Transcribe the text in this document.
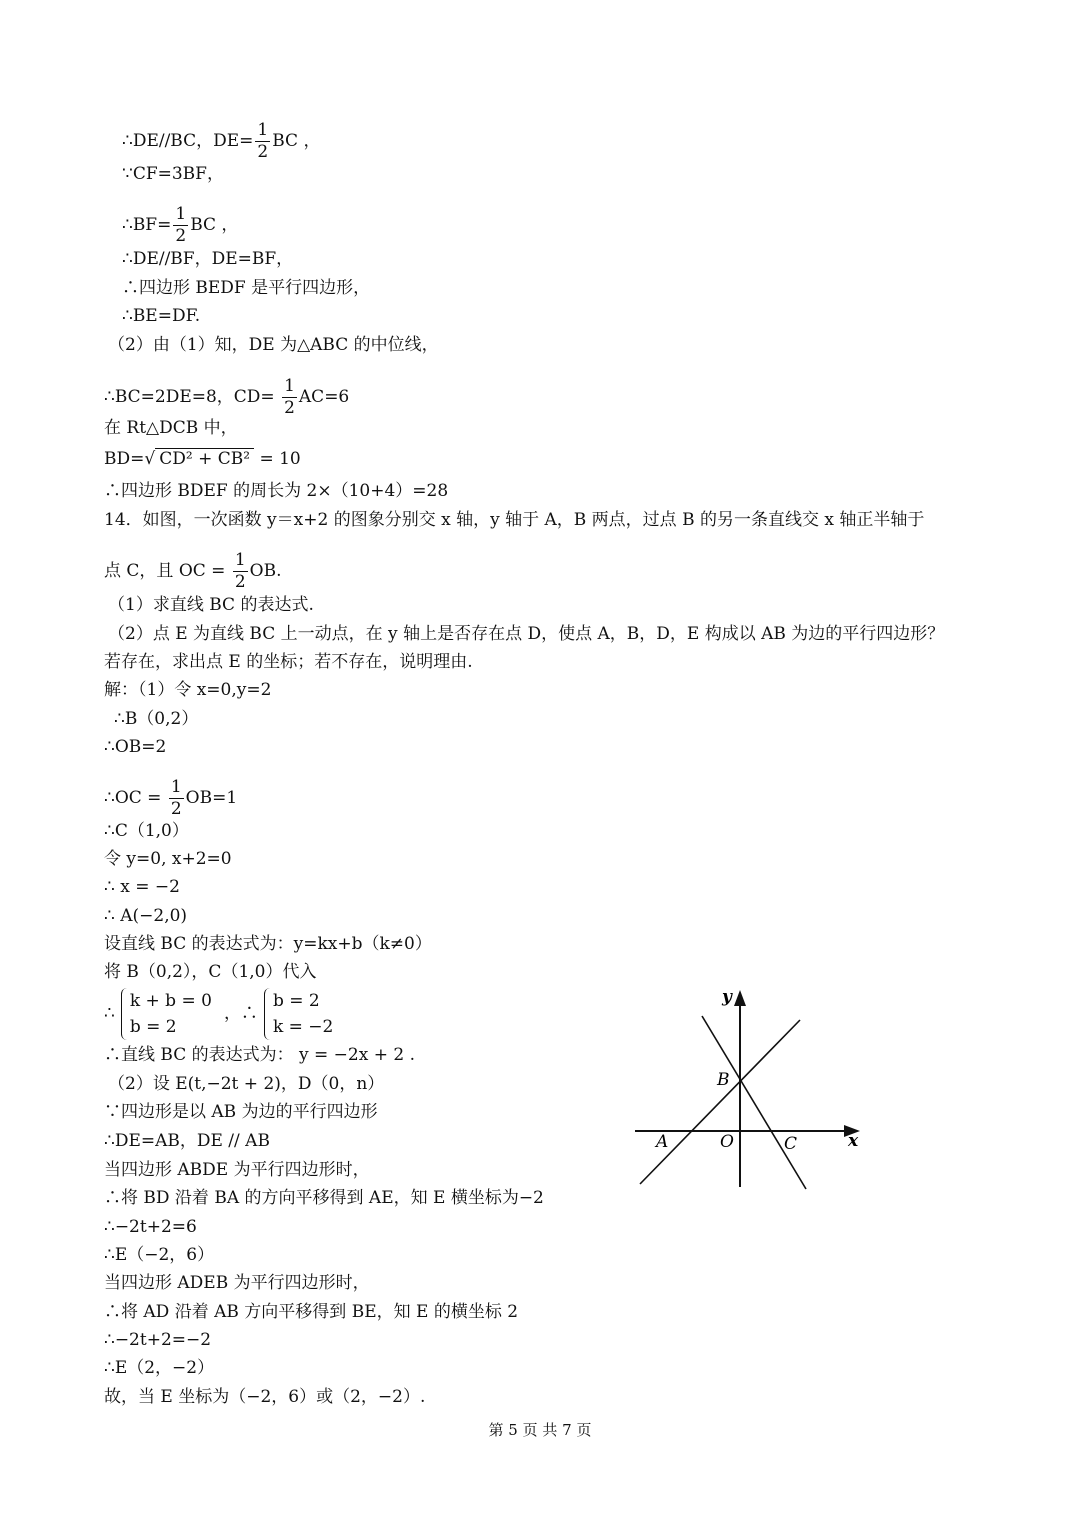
∴DE//BC，$DE= \frac{1}{2}$ BC ，
∵CF=3BF，
∴BF= $\frac{1}{2}$ BC ，
∴DE//BF，DE=BF，
∴四边形 BEDF 是平行四边形，
∴BE=DF.
（2）由（1）知，DE 为△ABC 的中位线，
∴BC=2DE=8，$CD= \frac{1}{2} AC=6$
在 Rt△DCB 中，
BD=√ CD² + CB² = 10
∴四边形 BDEF 的周长为 2×（10+4）=28
14．如图，一次函数 y＝x+2 的图象分别交 x 轴，y 轴于 A，B 两点，过点 B 的另一条直线交 x 轴正半轴于
点 C，且 OC = $\frac{1}{2}$ OB.
（1）求直线 BC 的表达式.
（2）点 E 为直线 BC 上一动点，在 y 轴上是否存在点 D，使点 A，B，D，E 构成以 AB 为边的平行四边形？
若存在，求出点 E 的坐标；若不存在，说明理由.
解：（1）令 x=0,y=2
∴B（0,2）
∴OB=2
∴OC = $\frac{1}{2} OB=1$
∴C（1,0）
令 y=0, x+2=0
∴ x = −2
∴ A(−2,0)
设直线 BC 的表达式为：y=kx+b（k≠0）
将 B（0,2），C（1,0）代入
∴
k + b = 0
b = 2
，∴
b = 2
k = −2
∴直线 BC 的表达式为： y = −2x + 2 .
（2）设 E(t,−2t + 2)，D（0，n）
∵四边形是以 AB 为边的平行四边形
∴DE=AB，DE // AB
当四边形 ABDE 为平行四边形时，
∴将 BD 沿着 BA 的方向平移得到 AE，知 E 横坐标为−2
∴−2t+2=6
∴E（−2，6）
当四边形 ADEB 为平行四边形时，
∴将 AD 沿着 AB 方向平移得到 BE，知 E 的横坐标 2
∴−2t+2=−2
∴E（2，−2）
故，当 E 坐标为（−2，6）或（2，−2）.
y
x
A	O	C
B
第 5 页 共 7 页
